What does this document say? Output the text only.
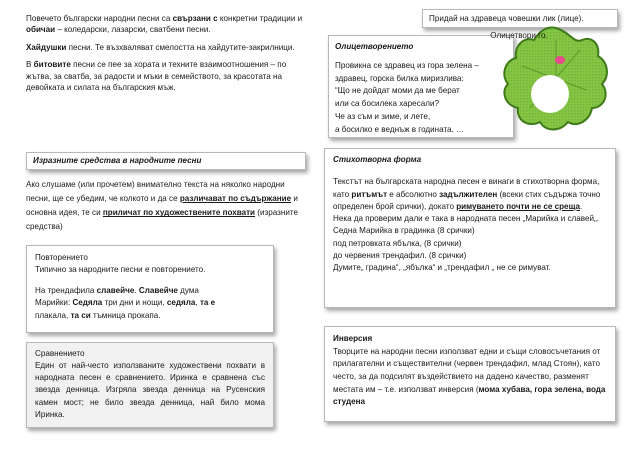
Придай на здравеца човешки лик (лице).

Повечето български народни песни са свързани с конкретни традиции и обичаи – коледарски, лазарски, сватбени песни.

Хайдушки песни. Те възхваляват смелостта на хайдутите-закрилници.

В битовите песни се пее за хората и техните взаимоотношения – по жътва, за сватба, за радости и мъки в семейството, за красотата на девойката и силата на българския мъж.

Изразните средства в народните песни
Ако слушаме (или прочетем) внимателно текста на няколко народни песни, ще се убедим, че колкото и да се различават по съдържание и основна идея, те си приличат по художествените похвати (изразните средства)

Повторението

Типично за народните песни е повторението.

На трендафила славейче. Славейче дума

Марийки: Седяла три дни и нощи, седяла, та е

плакала, та си тъмница прокапа.

Сравнението

Един от най-често използваните художествени похвати в народната песен е сравнението. Иринка е сравнена със звезда денница. Изгряла звезда денница на Русенския камен мост; не било звезда денница, най било мома Иринка.

Олицетворението

Провикна се здравец из гора зелена –
здравец, горска билка миризлива:
“Що не дойдат моми да ме берат
или са босилека харесали?
Че аз съм и зиме, и лете,
а босилко е веднъж в годината. …
Олицетвори го.

Стихотворна форма

Текстът на българската народна песен е винаги в стихотворна форма, като ритъмът е абсолютно задължителен (всеки стих съдържа точно определен брой срички), докато римуването почти не се среща.

Нека да проверим дали е така в народната песен „Марийка и славей„.

Седна Марийка в градинка (8 срички)
под петровката ябълка, (8 срички)
до червения трендафил. (8 срички)
Думите„ градина“, „ябълка“ и „трендафил „ не се римуват.

Инверсия

Творците на народни песни използват едни и същи словосъчетания от прилагателни и съществителни (червен трендафил, млад Стоян), като често, за да подсилят въздействието на дадено качество, разменят местата им – т.е. използват инверсия (мома хубава, гора зелена, вода студена
